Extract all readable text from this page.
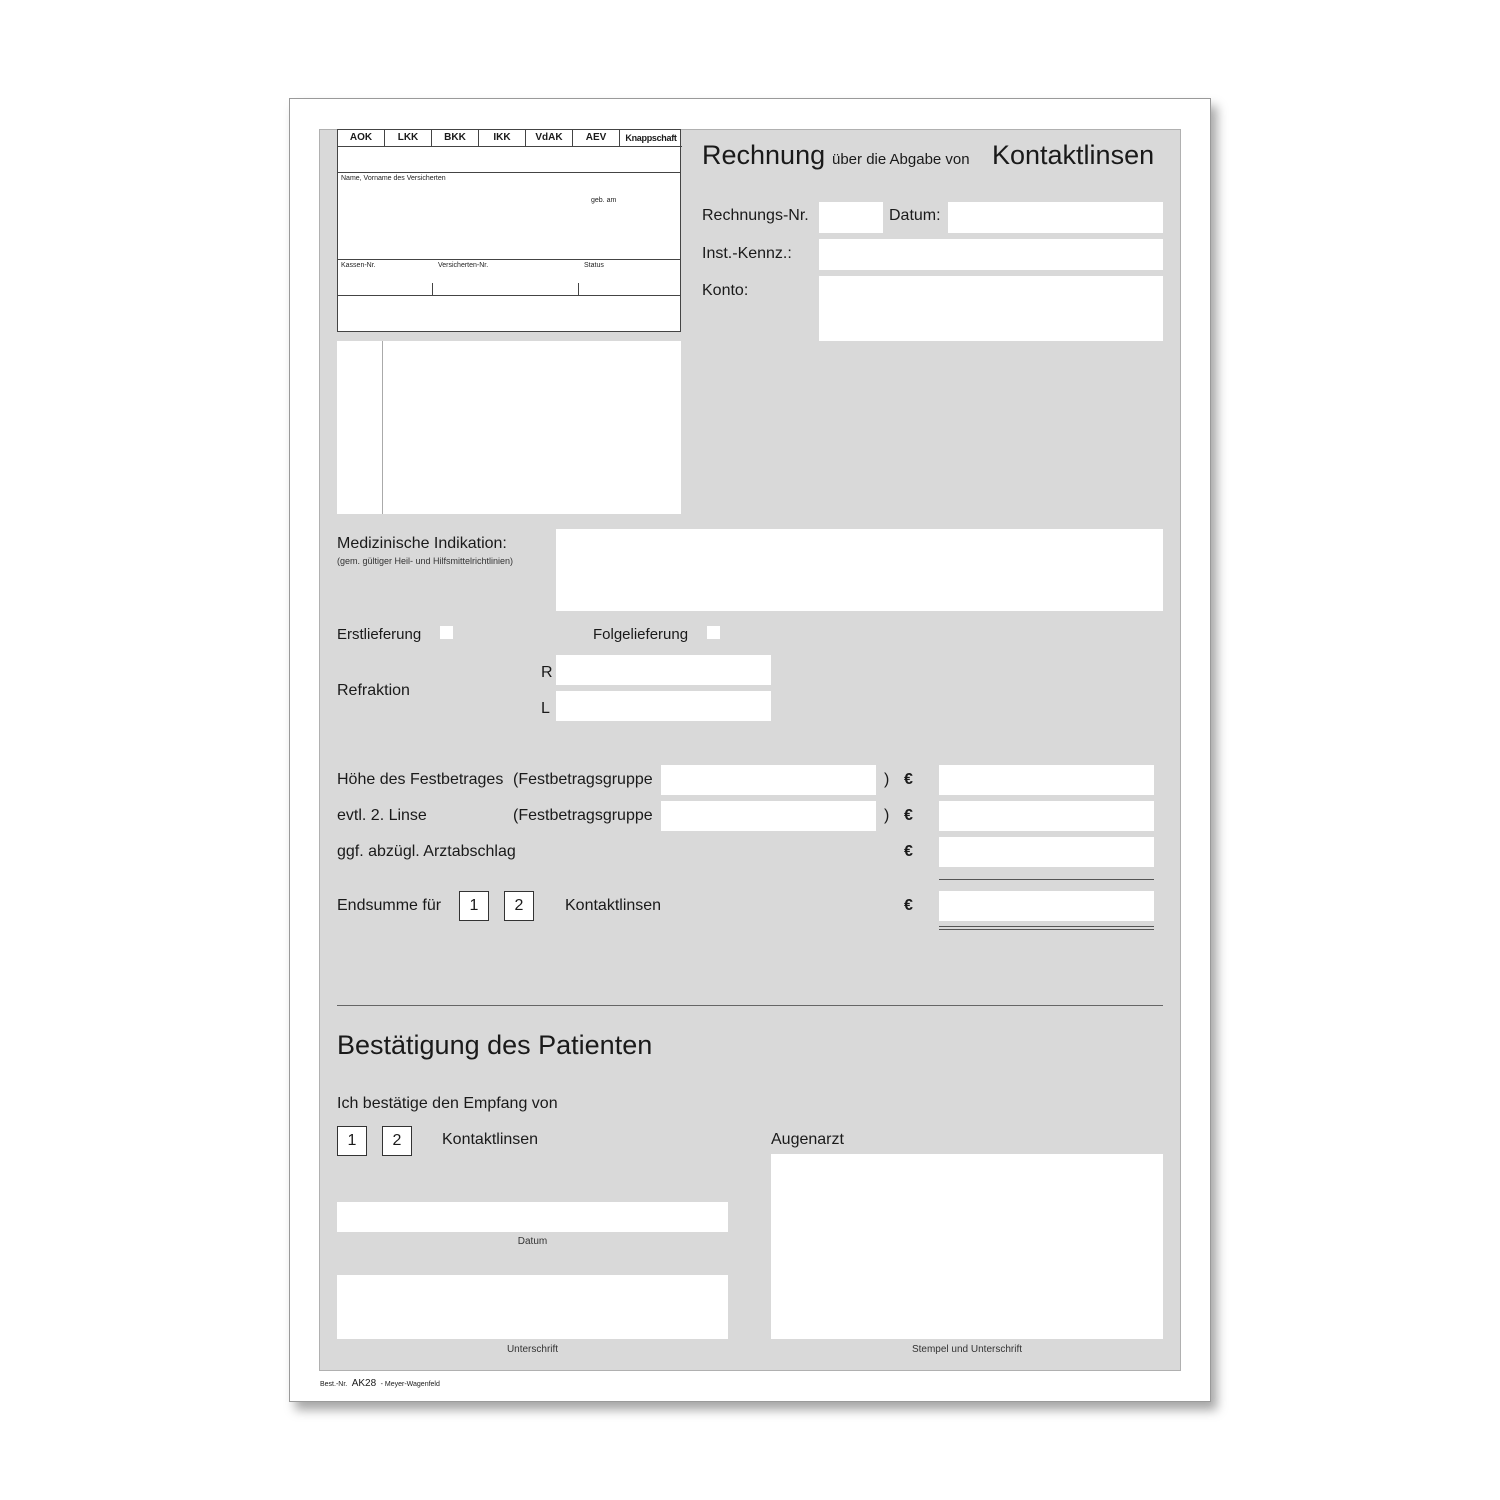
AOK	LKK	BKK	IKK	VdAK	AEV	Knappschaft
Name, Vorname des Versicherten
geb. am
Kassen-Nr.	Versicherten-Nr.	Status
Rechnung über die Abgabe von Kontaktlinsen
Rechnungs-Nr.	Datum:
Inst.-Kennz.:
Konto:
Medizinische Indikation:
(gem. gültiger Heil- und Hilfsmittelrichtlinien)
Erstlieferung	Folgelieferung
Refraktion
R
L
Höhe des Festbetrages (Festbetragsgruppe	) €
evtl. 2. Linse	(Festbetragsgruppe	) €
ggf. abzügl. Arztabschlag	€
Endsumme für	1	2	Kontaktlinsen	€
Bestätigung des Patienten
Ich bestätige den Empfang von
1	2	Kontaktlinsen	Augenarzt
Datum
Unterschrift	Stempel und Unterschrift
Best.-Nr. AK28 - Meyer-Wagenfeld
